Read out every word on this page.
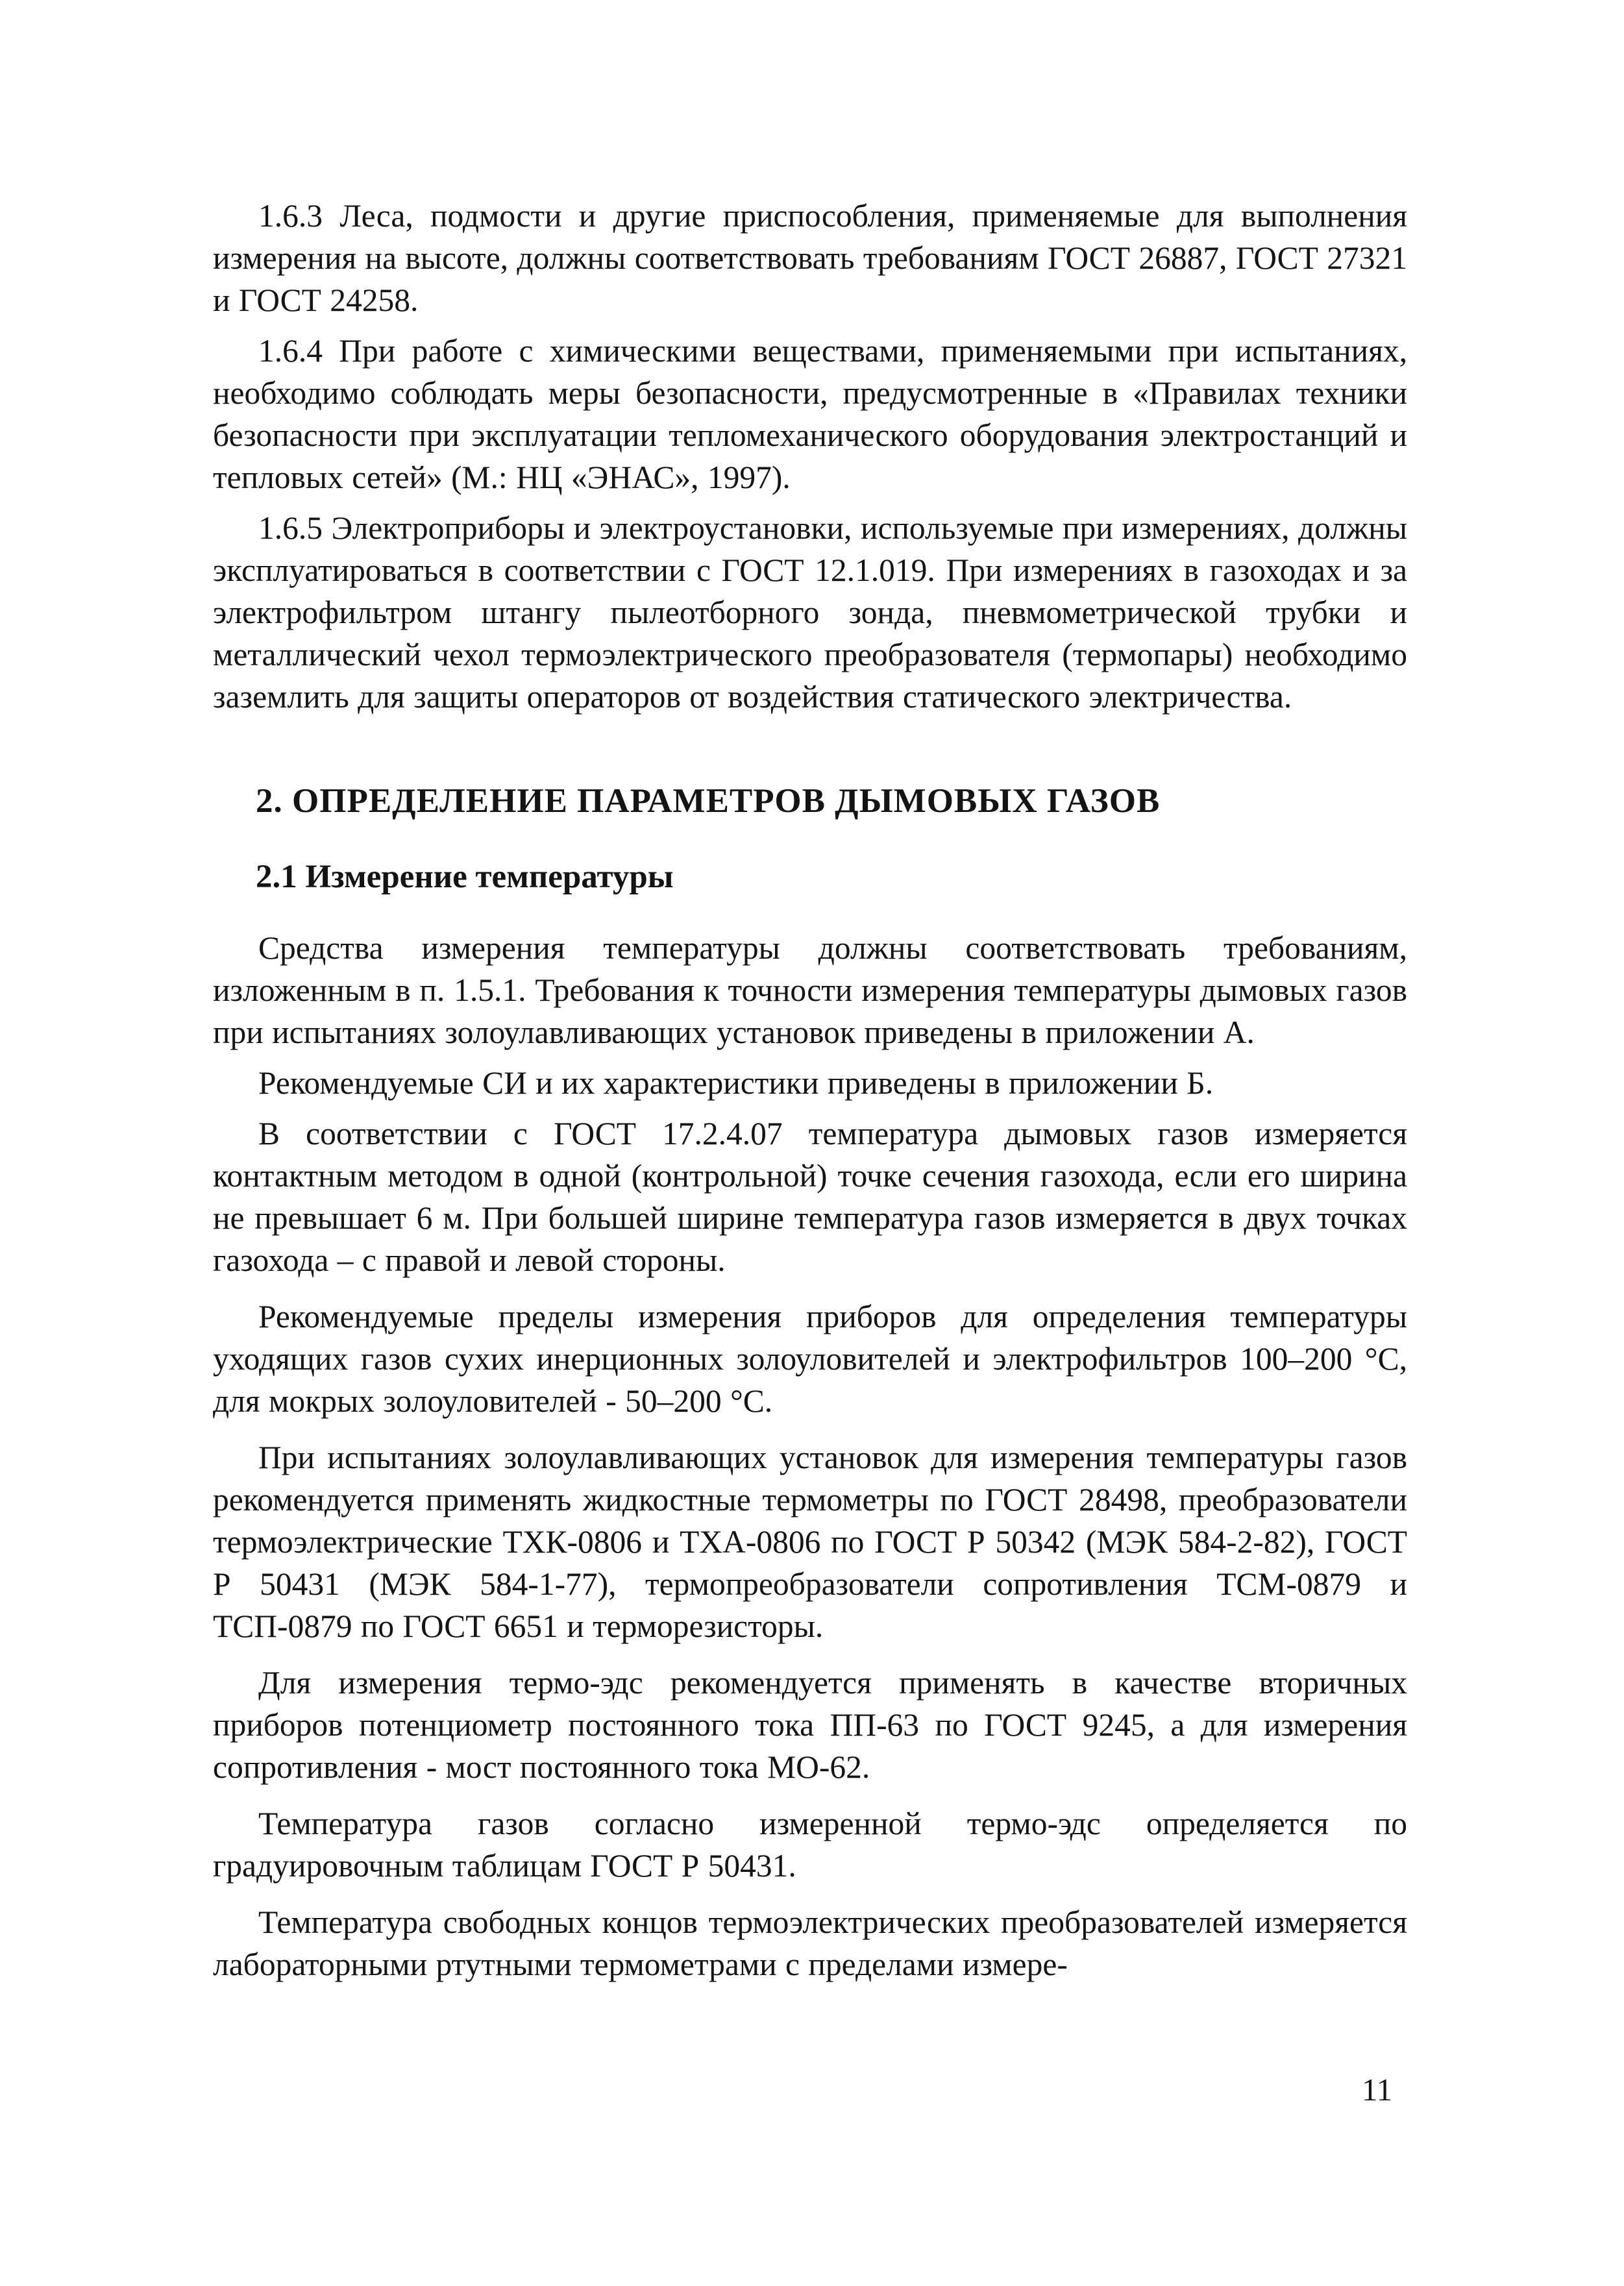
1.6.3 Леса, подмости и другие приспособления, применяемые для выполнения измерения на высоте, должны соответствовать требованиям ГОСТ 26887, ГОСТ 27321 и ГОСТ 24258.

1.6.4 При работе с химическими веществами, применяемыми при испытаниях, необходимо соблюдать меры безопасности, предусмотренные в «Правилах техники безопасности при эксплуатации тепломеханического оборудования электростанций и тепловых сетей» (М.: НЦ «ЭНАС», 1997).

1.6.5 Электроприборы и электроустановки, используемые при измерениях, должны эксплуатироваться в соответствии с ГОСТ 12.1.019. При измерениях в газоходах и за электрофильтром штангу пылеотборного зонда, пневмометрической трубки и металлический чехол термоэлектрического преобразователя (термопары) необходимо заземлить для защиты операторов от воздействия статического электричества.

2. ОПРЕДЕЛЕНИЕ ПАРАМЕТРОВ ДЫМОВЫХ ГАЗОВ
2.1 Измерение температуры

Средства измерения температуры должны соответствовать требованиям, изложенным в п. 1.5.1. Требования к точности измерения температуры дымовых газов при испытаниях золоулавливающих установок приведены в приложении А.

Рекомендуемые СИ и их характеристики приведены в приложении Б.

В соответствии с ГОСТ 17.2.4.07 температура дымовых газов измеряется контактным методом в одной (контрольной) точке сечения газохода, если его ширина не превышает 6 м. При большей ширине температура газов измеряется в двух точках газохода – с правой и левой стороны.

Рекомендуемые пределы измерения приборов для определения температуры уходящих газов сухих инерционных золоуловителей и электрофильтров 100–200 °С, для мокрых золоуловителей - 50–200 °С.

При испытаниях золоулавливающих установок для измерения температуры газов рекомендуется применять жидкостные термометры по ГОСТ 28498, преобразователи термоэлектрические ТХК-0806 и ТХА-0806 по ГОСТ Р 50342 (МЭК 584-2-82), ГОСТ Р 50431 (МЭК 584-1-77), термопреобразователи сопротивления ТСМ-0879 и ТСП-0879 по ГОСТ 6651 и терморезисторы.

Для измерения термо-эдс рекомендуется применять в качестве вторичных приборов потенциометр постоянного тока ПП-63 по ГОСТ 9245, а для измерения сопротивления - мост постоянного тока МО-62.

Температура газов согласно измеренной термо-эдс определяется по градуировочным таблицам ГОСТ Р 50431.

Температура свободных концов термоэлектрических преобразователей измеряется лабораторными ртутными термометрами с пределами измере-

11
